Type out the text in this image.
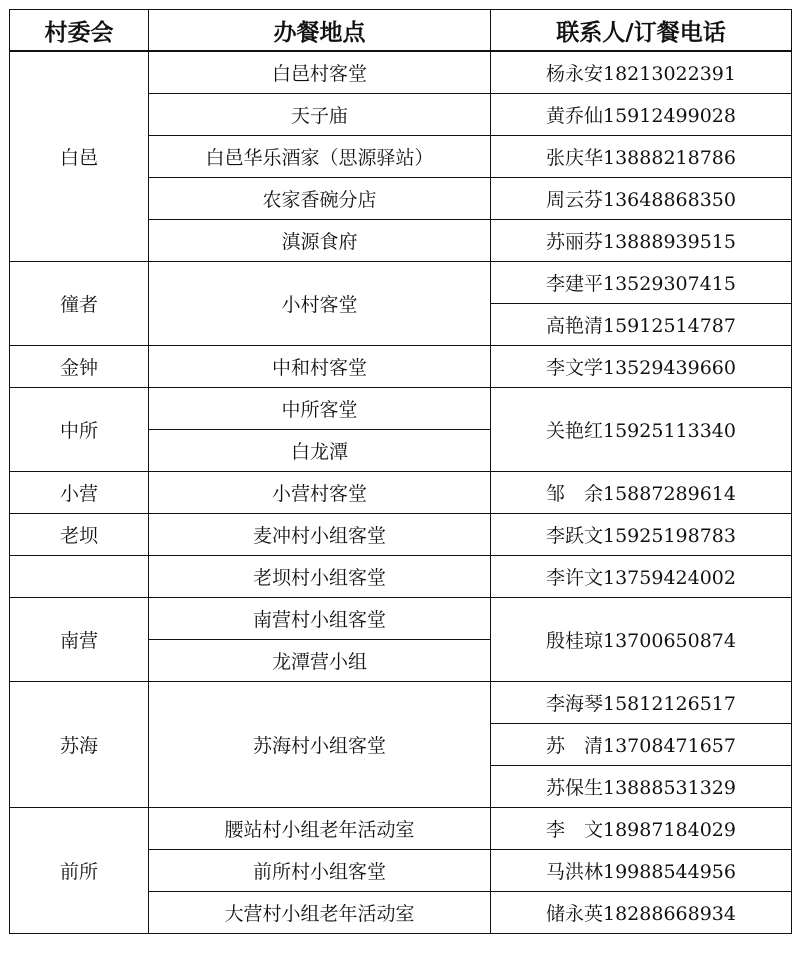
村委会	办餐地点	联系人/订餐电话
白邑	白邑村客堂	杨永安18213022391
	天子庙	黄乔仙15912499028
	白邑华乐酒家（思源驿站）	张庆华13888218786
	农家香碗分店	周云芬13648868350
	滇源食府	苏丽芬13888939515
徸者	小村客堂	李建平13529307415
		高艳清15912514787
金钟	中和村客堂	李文学13529439660
中所	中所客堂	关艳红15925113340
	白龙潭	
小营	小营村客堂	邹　余15887289614
老坝	麦冲村小组客堂	李跃文15925198783
	老坝村小组客堂	李许文13759424002
南营	南营村小组客堂	殷桂琼13700650874
	龙潭营小组	
苏海	苏海村小组客堂	李海琴15812126517
		苏　清13708471657
		苏保生13888531329
前所	腰站村小组老年活动室	李　文18987184029
	前所村小组客堂	马洪林19988544956
	大营村小组老年活动室	储永英18288668934
